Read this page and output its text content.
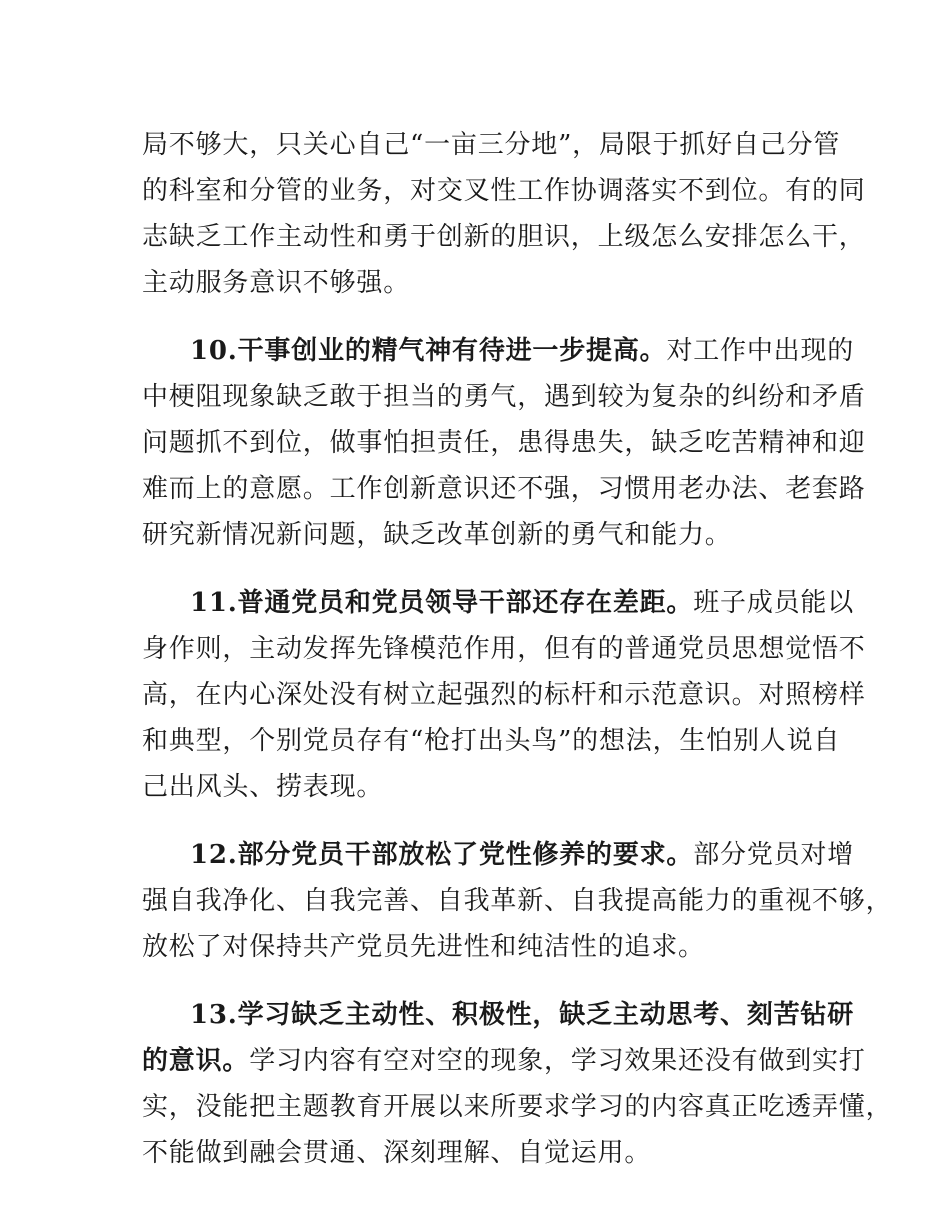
局不够大，只关心自己“一亩三分地”，局限于抓好自己分管
的科室和分管的业务，对交叉性工作协调落实不到位。有的同
志缺乏工作主动性和勇于创新的胆识，上级怎么安排怎么干，
主动服务意识不够强。

10.干事创业的精气神有待进一步提高。对工作中出现的
中梗阻现象缺乏敢于担当的勇气，遇到较为复杂的纠纷和矛盾
问题抓不到位，做事怕担责任，患得患失，缺乏吃苦精神和迎
难而上的意愿。工作创新意识还不强，习惯用老办法、老套路
研究新情况新问题，缺乏改革创新的勇气和能力。

11.普通党员和党员领导干部还存在差距。班子成员能以
身作则，主动发挥先锋模范作用，但有的普通党员思想觉悟不
高，在内心深处没有树立起强烈的标杆和示范意识。对照榜样
和典型，个别党员存有“枪打出头鸟”的想法，生怕别人说自
己出风头、捞表现。

12.部分党员干部放松了党性修养的要求。部分党员对增
强自我净化、自我完善、自我革新、自我提高能力的重视不够，
放松了对保持共产党员先进性和纯洁性的追求。

13.学习缺乏主动性、积极性，缺乏主动思考、刻苦钻研
的意识。学习内容有空对空的现象，学习效果还没有做到实打
实，没能把主题教育开展以来所要求学习的内容真正吃透弄懂，
不能做到融会贯通、深刻理解、自觉运用。
